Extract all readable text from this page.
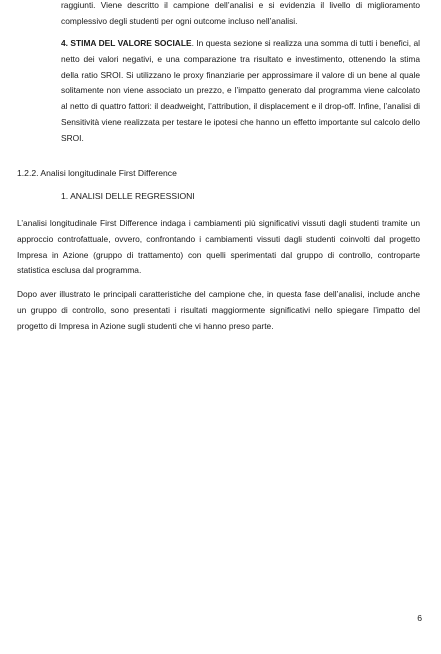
raggiunti. Viene descritto il campione dell’analisi e si evidenzia il livello di miglioramento complessivo degli studenti per ogni outcome incluso nell’analisi.

4. STIMA DEL VALORE SOCIALE. In questa sezione si realizza una somma di tutti i benefici, al netto dei valori negativi, e una comparazione tra risultato e investimento, ottenendo la stima della ratio SROI. Si utilizzano le proxy finanziarie per approssimare il valore di un bene al quale solitamente non viene associato un prezzo, e l’impatto generato dal programma viene calcolato al netto di quattro fattori: il deadweight, l’attribution, il displacement e il drop-off. Infine, l’analisi di Sensitività viene realizzata per testare le ipotesi che hanno un effetto importante sul calcolo dello SROI.

1.2.2. Analisi longitudinale First Difference

1. ANALISI DELLE REGRESSIONI

L’analisi longitudinale First Difference indaga i cambiamenti più significativi vissuti dagli studenti tramite un approccio controfattuale, ovvero, confrontando i cambiamenti vissuti dagli studenti coinvolti dal progetto Impresa in Azione (gruppo di trattamento) con quelli sperimentati dal gruppo di controllo, controparte statistica esclusa dal programma.

Dopo aver illustrato le principali caratteristiche del campione che, in questa fase dell’analisi, include anche un gruppo di controllo, sono presentati i risultati maggiormente significativi nello spiegare l’impatto del progetto di Impresa in Azione sugli studenti che vi hanno preso parte.

6
